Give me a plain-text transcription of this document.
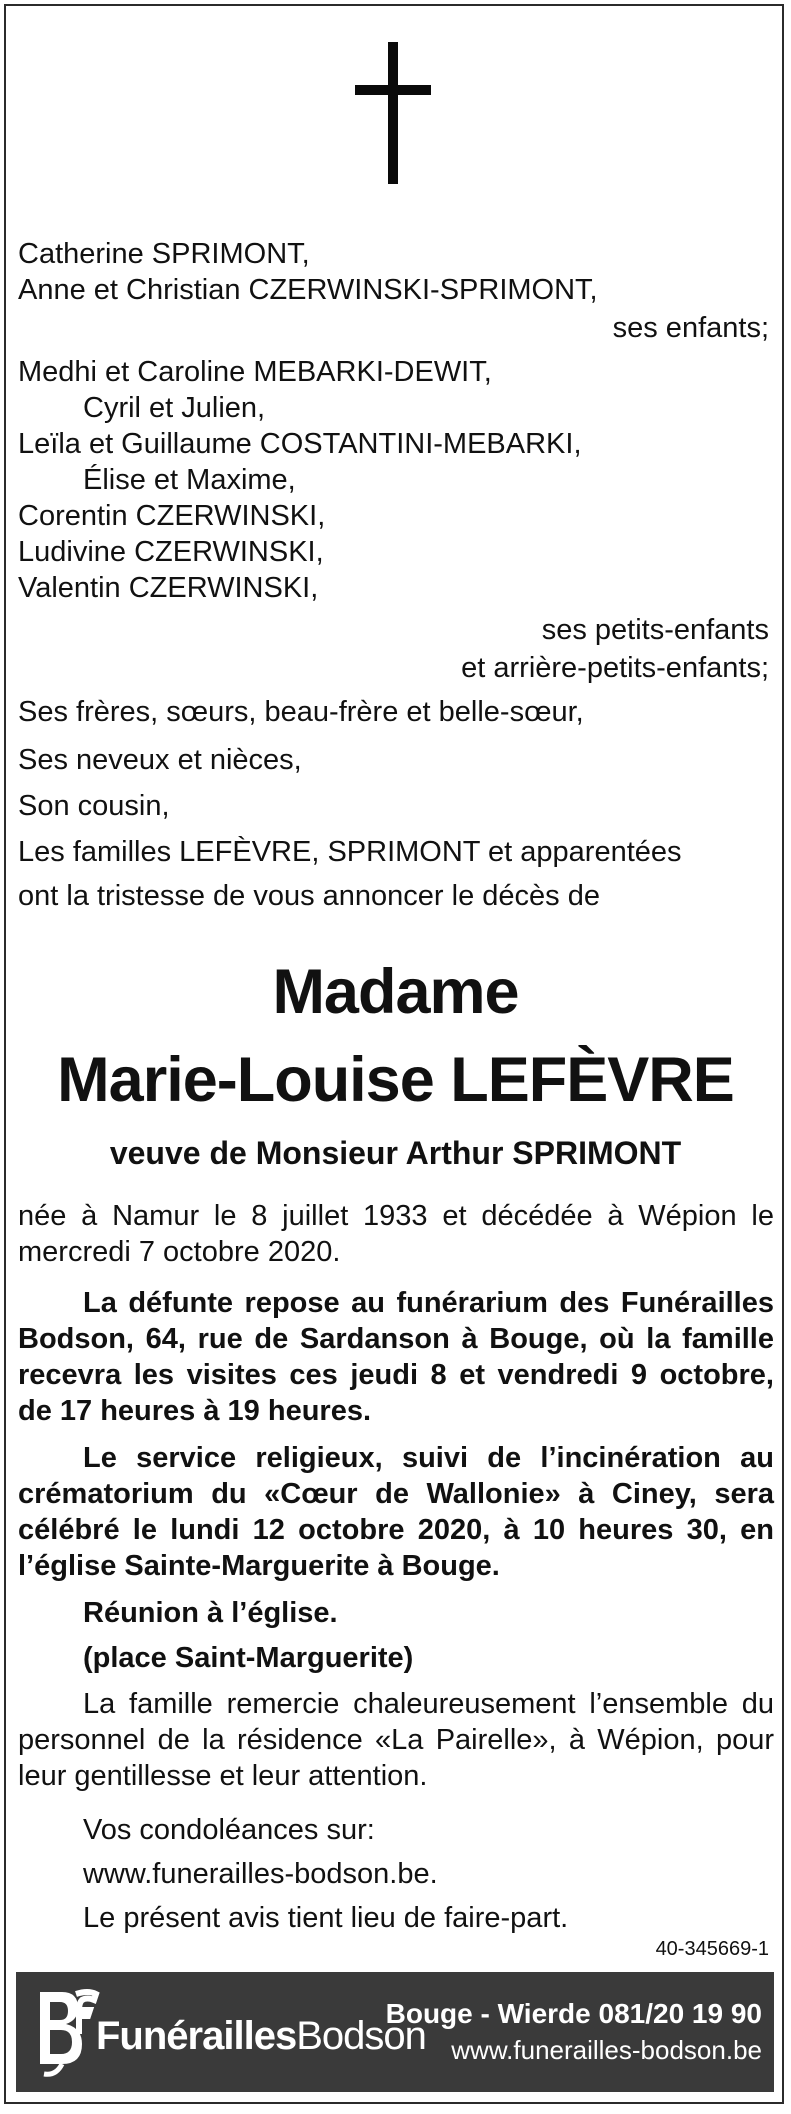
Catherine SPRIMONT,
Anne et Christian CZERWINSKI-SPRIMONT,
ses enfants;
Medhi et Caroline MEBARKI-DEWIT,
Cyril et Julien,
Leïla et Guillaume COSTANTINI-MEBARKI,
Élise et Maxime,
Corentin CZERWINSKI,
Ludivine CZERWINSKI,
Valentin CZERWINSKI,
ses petits-enfants
et arrière-petits-enfants;
Ses frères, sœurs, beau-frère et belle-sœur,
Ses neveux et nièces,
Son cousin,
Les familles LEFÈVRE, SPRIMONT et apparentées
ont la tristesse de vous annoncer le décès de
Madame
Marie-Louise LEFÈVRE
veuve de Monsieur Arthur SPRIMONT
née à Namur le 8 juillet 1933 et décédée à Wépion le mercredi 7 octobre 2020.
La défunte repose au funérarium des Funérailles Bodson, 64, rue de Sardanson à Bouge, où la famille recevra les visites ces jeudi 8 et vendredi 9 octobre, de 17 heures à 19 heures.
Le service religieux, suivi de l’incinération au crématorium du «Cœur de Wallonie» à Ciney, sera célébré le lundi 12 octobre 2020, à 10 heures 30, en l’église Sainte-Marguerite à Bouge.
Réunion à l’église.
(place Saint-Marguerite)
La famille remercie chaleureusement l’ensemble du personnel de la résidence «La Pairelle», à Wépion, pour leur gentillesse et leur attention.
Vos condoléances sur:
www.funerailles-bodson.be.
Le présent avis tient lieu de faire-part.
40-345669-1
FunéraillesBodson
Bouge - Wierde 081/20 19 90
www.funerailles-bodson.be
